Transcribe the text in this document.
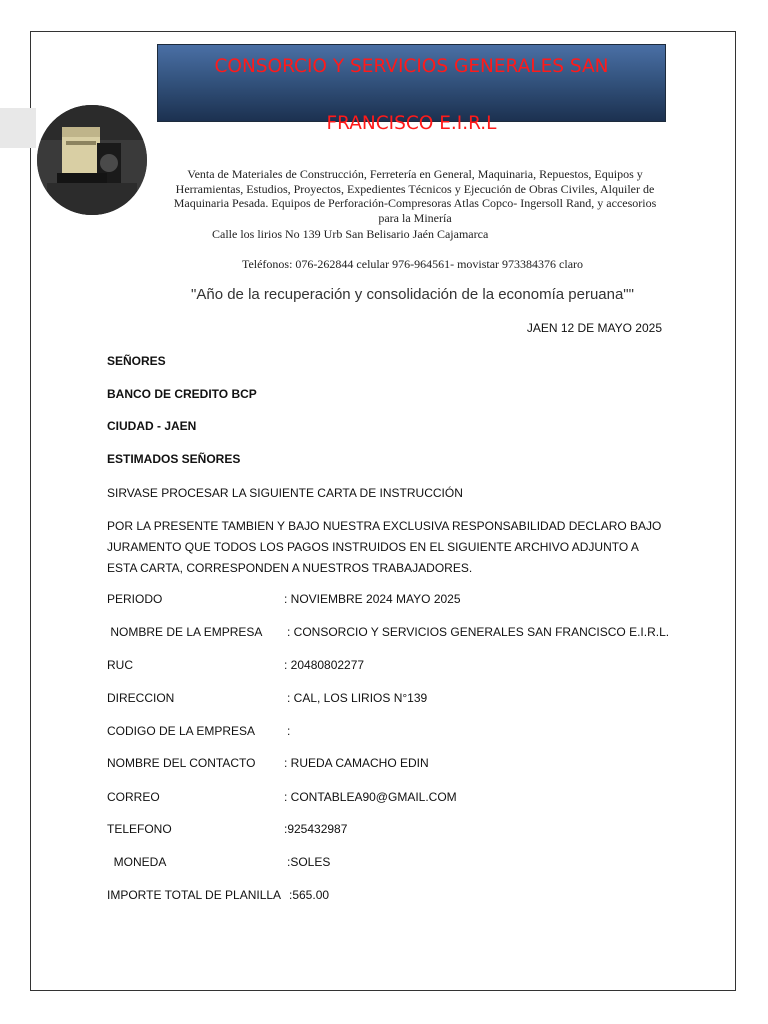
CONSORCIO Y SERVICIOS GENERALES SAN
FRANCISCO E.I.R.L
Venta de Materiales de Construcción, Ferretería en General, Maquinaria, Repuestos, Equipos y Herramientas, Estudios, Proyectos, Expedientes Técnicos y Ejecución de Obras Civiles, Alquiler de Maquinaria Pesada. Equipos de Perforación-Compresoras Atlas Copco- Ingersoll Rand, y accesorios para la Minería
Calle los lirios No 139 Urb San Belisario Jaén Cajamarca
Teléfonos: 076-262844 celular 976-964561- movistar 973384376 claro
"Año de la recuperación y consolidación de la economía peruana""
JAEN 12 DE MAYO 2025
SEÑORES
BANCO DE CREDITO BCP
CIUDAD - JAEN
ESTIMADOS SEÑORES
SIRVASE PROCESAR LA SIGUIENTE CARTA DE INSTRUCCIÓN
POR LA PRESENTE TAMBIEN Y BAJO NUESTRA EXCLUSIVA RESPONSABILIDAD DECLARO BAJO JURAMENTO QUE TODOS LOS PAGOS INSTRUIDOS EN EL SIGUIENTE ARCHIVO ADJUNTO A ESTA CARTA, CORRESPONDEN A NUESTROS TRABAJADORES.
PERIODO	: NOVIEMBRE 2024 MAYO 2025
NOMBRE DE LA EMPRESA : CONSORCIO Y SERVICIOS GENERALES SAN FRANCISCO E.I.R.L.
RUC	: 20480802277
DIRECCION	: CAL, LOS LIRIOS N°139
CODIGO DE LA EMPRESA	:
NOMBRE DEL CONTACTO : RUEDA CAMACHO EDIN
CORREO	: CONTABLEA90@GMAIL.COM
TELEFONO	:925432987
MONEDA	:SOLES
IMPORTE TOTAL DE PLANILLA :565.00
